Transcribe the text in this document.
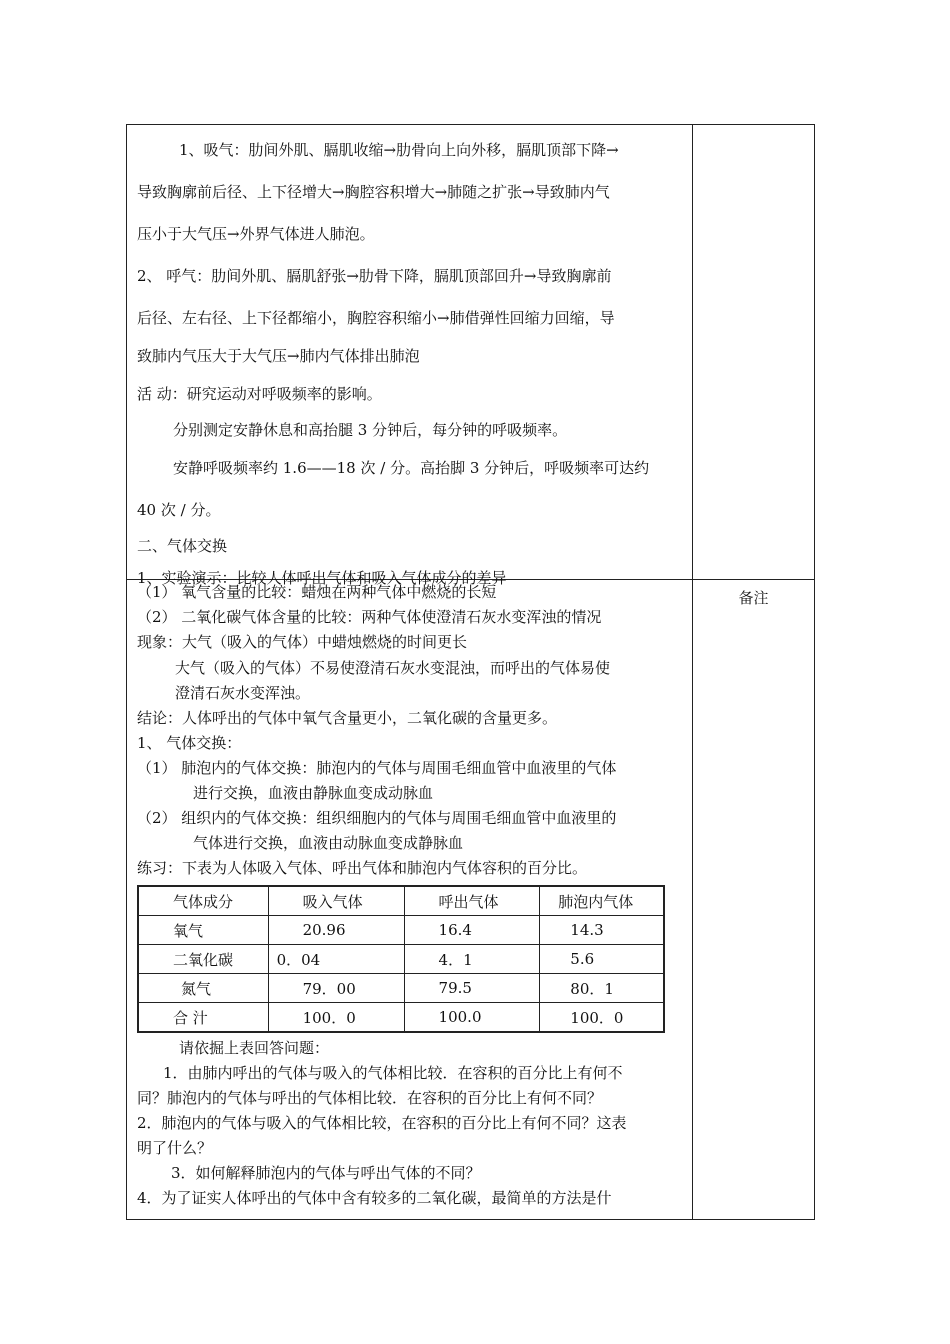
1、吸气：肋间外肌、膈肌收缩→肋骨向上向外移，膈肌顶部下降→
导致胸廓前后径、上下径增大→胸腔容积增大→肺随之扩张→导致肺内气
压小于大气压→外界气体进人肺泡。
2、 呼气：肋间外肌、膈肌舒张→肋骨下降，膈肌顶部回升→导致胸廓前
后径、左右径、上下径都缩小，胸腔容积缩小→肺借弹性回缩力回缩，导
致肺内气压大于大气压→肺内气体排出肺泡
活 动：研究运动对呼吸频率的影响。
分别测定安静休息和高抬腿 3 分钟后，每分钟的呼吸频率。
安静呼吸频率约 1.6——18 次 / 分。高抬脚 3 分钟后，呼吸频率可达约
40 次 / 分。
二、气体交换
1、实验演示：比较人体呼出气体和吸入气体成分的差异
备注
（1） 氧气含量的比较：蜡烛在两种气体中燃烧的长短
（2） 二氧化碳气体含量的比较：两种气体使澄清石灰水变浑浊的情况
现象：大气（吸入的气体）中蜡烛燃烧的时间更长
大气（吸入的气体）不易使澄清石灰水变混浊，而呼出的气体易使
澄清石灰水变浑浊。
结论：人体呼出的气体中氧气含量更小，二氧化碳的含量更多。
1、 气体交换：
（1） 肺泡内的气体交换：肺泡内的气体与周围毛细血管中血液里的气体
进行交换，血液由静脉血变成动脉血
（2） 组织内的气体交换：组织细胞内的气体与周围毛细血管中血液里的
气体进行交换，血液由动脉血变成静脉血
练习：下表为人体吸入气体、呼出气体和肺泡内气体容积的百分比。
气体成分	吸入气体	呼出气体	肺泡内气体
氧气	20.96	16.4	14.3
二氧化碳	0．04	4．1	5.6
氮气	79．00	79.5	80．1
合 汁	100．0	100.0	100．0
请依掘上表回答问题：
1．由肺内呼出的气体与吸入的气体相比较．在容积的百分比上有何不
同？肺泡内的气体与呼出的气体相比较．在容积的百分比上有何不同？
2．肺泡内的气体与吸入的气体相比较，在容积的百分比上有何不同？这表
明了什么？
3．如何解释肺泡内的气体与呼出气体的不同？
4．为了证实人体呼出的气体中含有较多的二氧化碳，最简单的方法是什
